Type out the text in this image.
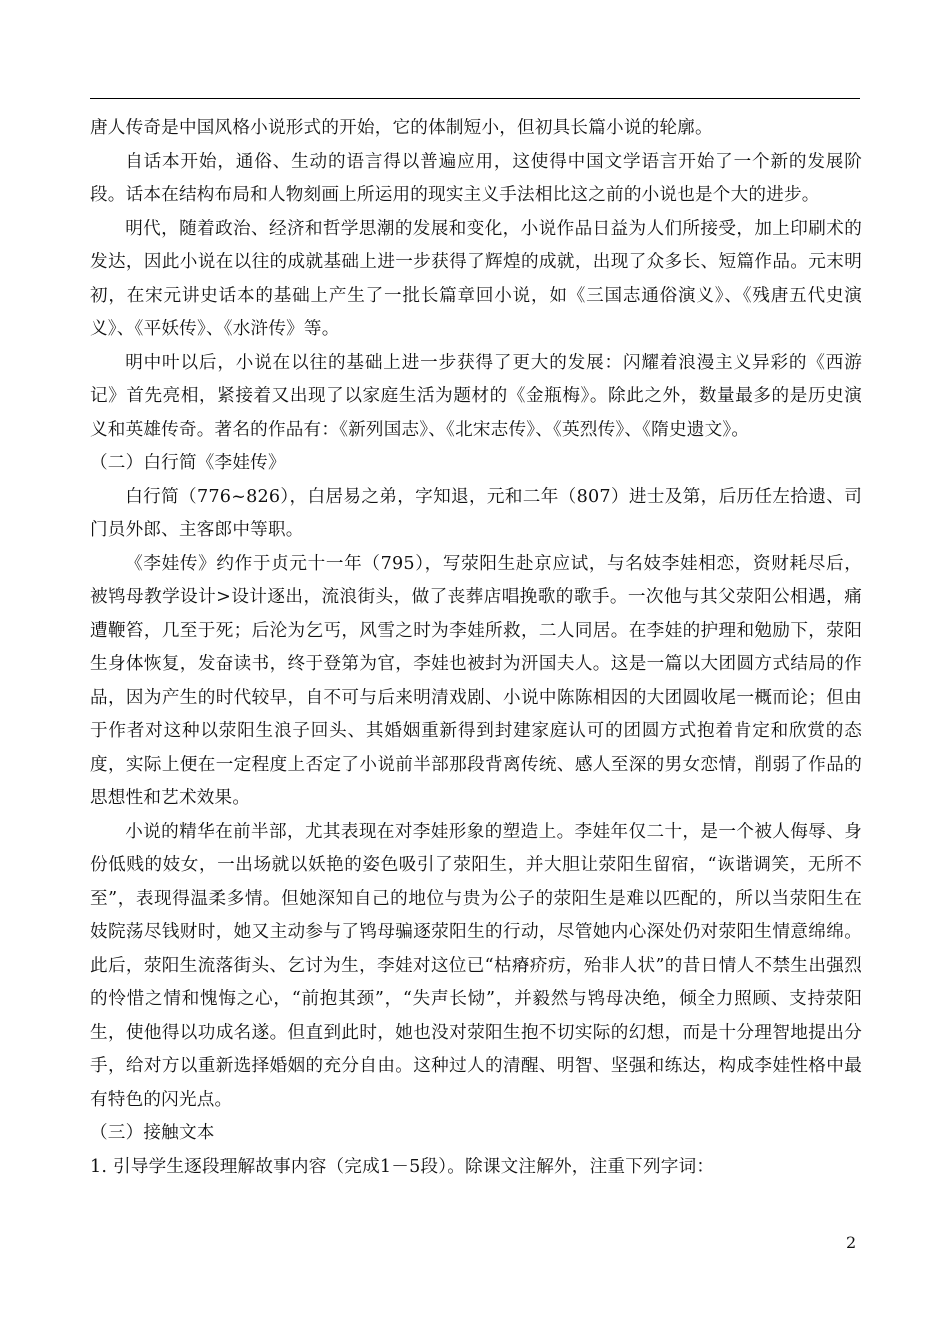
唐人传奇是中国风格小说形式的开始，它的体制短小，但初具长篇小说的轮廓。

自话本开始，通俗、生动的语言得以普遍应用，这使得中国文学语言开始了一个新的发展阶段。话本在结构布局和人物刻画上所运用的现实主义手法相比这之前的小说也是个大的进步。

明代，随着政治、经济和哲学思潮的发展和变化，小说作品日益为人们所接受，加上印刷术的发达，因此小说在以往的成就基础上进一步获得了辉煌的成就，出现了众多长、短篇作品。元末明初，在宋元讲史话本的基础上产生了一批长篇章回小说，如《三国志通俗演义》、《残唐五代史演义》、《平妖传》、《水浒传》等。

明中叶以后，小说在以往的基础上进一步获得了更大的发展：闪耀着浪漫主义异彩的《西游记》首先亮相，紧接着又出现了以家庭生活为题材的《金瓶梅》。除此之外，数量最多的是历史演义和英雄传奇。著名的作品有：《新列国志》、《北宋志传》、《英烈传》、《隋史遗文》。

（二）白行简《李娃传》

白行简（776~826），白居易之弟，字知退，元和二年（807）进士及第，后历任左拾遗、司门员外郎、主客郎中等职。

《李娃传》约作于贞元十一年（795），写荥阳生赴京应试，与名妓李娃相恋，资财耗尽后，被鸨母教学设计>设计逐出，流浪街头，做了丧葬店唱挽歌的歌手。一次他与其父荥阳公相遇，痛遭鞭笞，几至于死；后沦为乞丐，风雪之时为李娃所救，二人同居。在李娃的护理和勉励下，荥阳生身体恢复，发奋读书，终于登第为官，李娃也被封为汧国夫人。这是一篇以大团圆方式结局的作品，因为产生的时代较早，自不可与后来明清戏剧、小说中陈陈相因的大团圆收尾一概而论；但由于作者对这种以荥阳生浪子回头、其婚姻重新得到封建家庭认可的团圆方式抱着肯定和欣赏的态度，实际上便在一定程度上否定了小说前半部那段背离传统、感人至深的男女恋情，削弱了作品的思想性和艺术效果。

小说的精华在前半部，尤其表现在对李娃形象的塑造上。李娃年仅二十，是一个被人侮辱、身份低贱的妓女，一出场就以妖艳的姿色吸引了荥阳生，并大胆让荥阳生留宿，“诙谐调笑，无所不至”，表现得温柔多情。但她深知自己的地位与贵为公子的荥阳生是难以匹配的，所以当荥阳生在妓院荡尽钱财时，她又主动参与了鸨母骗逐荥阳生的行动，尽管她内心深处仍对荥阳生情意绵绵。此后，荥阳生流落街头、乞讨为生，李娃对这位已“枯瘠疥疠，殆非人状”的昔日情人不禁生出强烈的怜惜之情和愧悔之心，“前抱其颈”，“失声长恸”，并毅然与鸨母决绝，倾全力照顾、支持荥阳生，使他得以功成名遂。但直到此时，她也没对荥阳生抱不切实际的幻想，而是十分理智地提出分手，给对方以重新选择婚姻的充分自由。这种过人的清醒、明智、坚强和练达，构成李娃性格中最有特色的闪光点。

（三）接触文本

1. 引导学生逐段理解故事内容（完成1－5段）。除课文注解外，注重下列字词：

2
